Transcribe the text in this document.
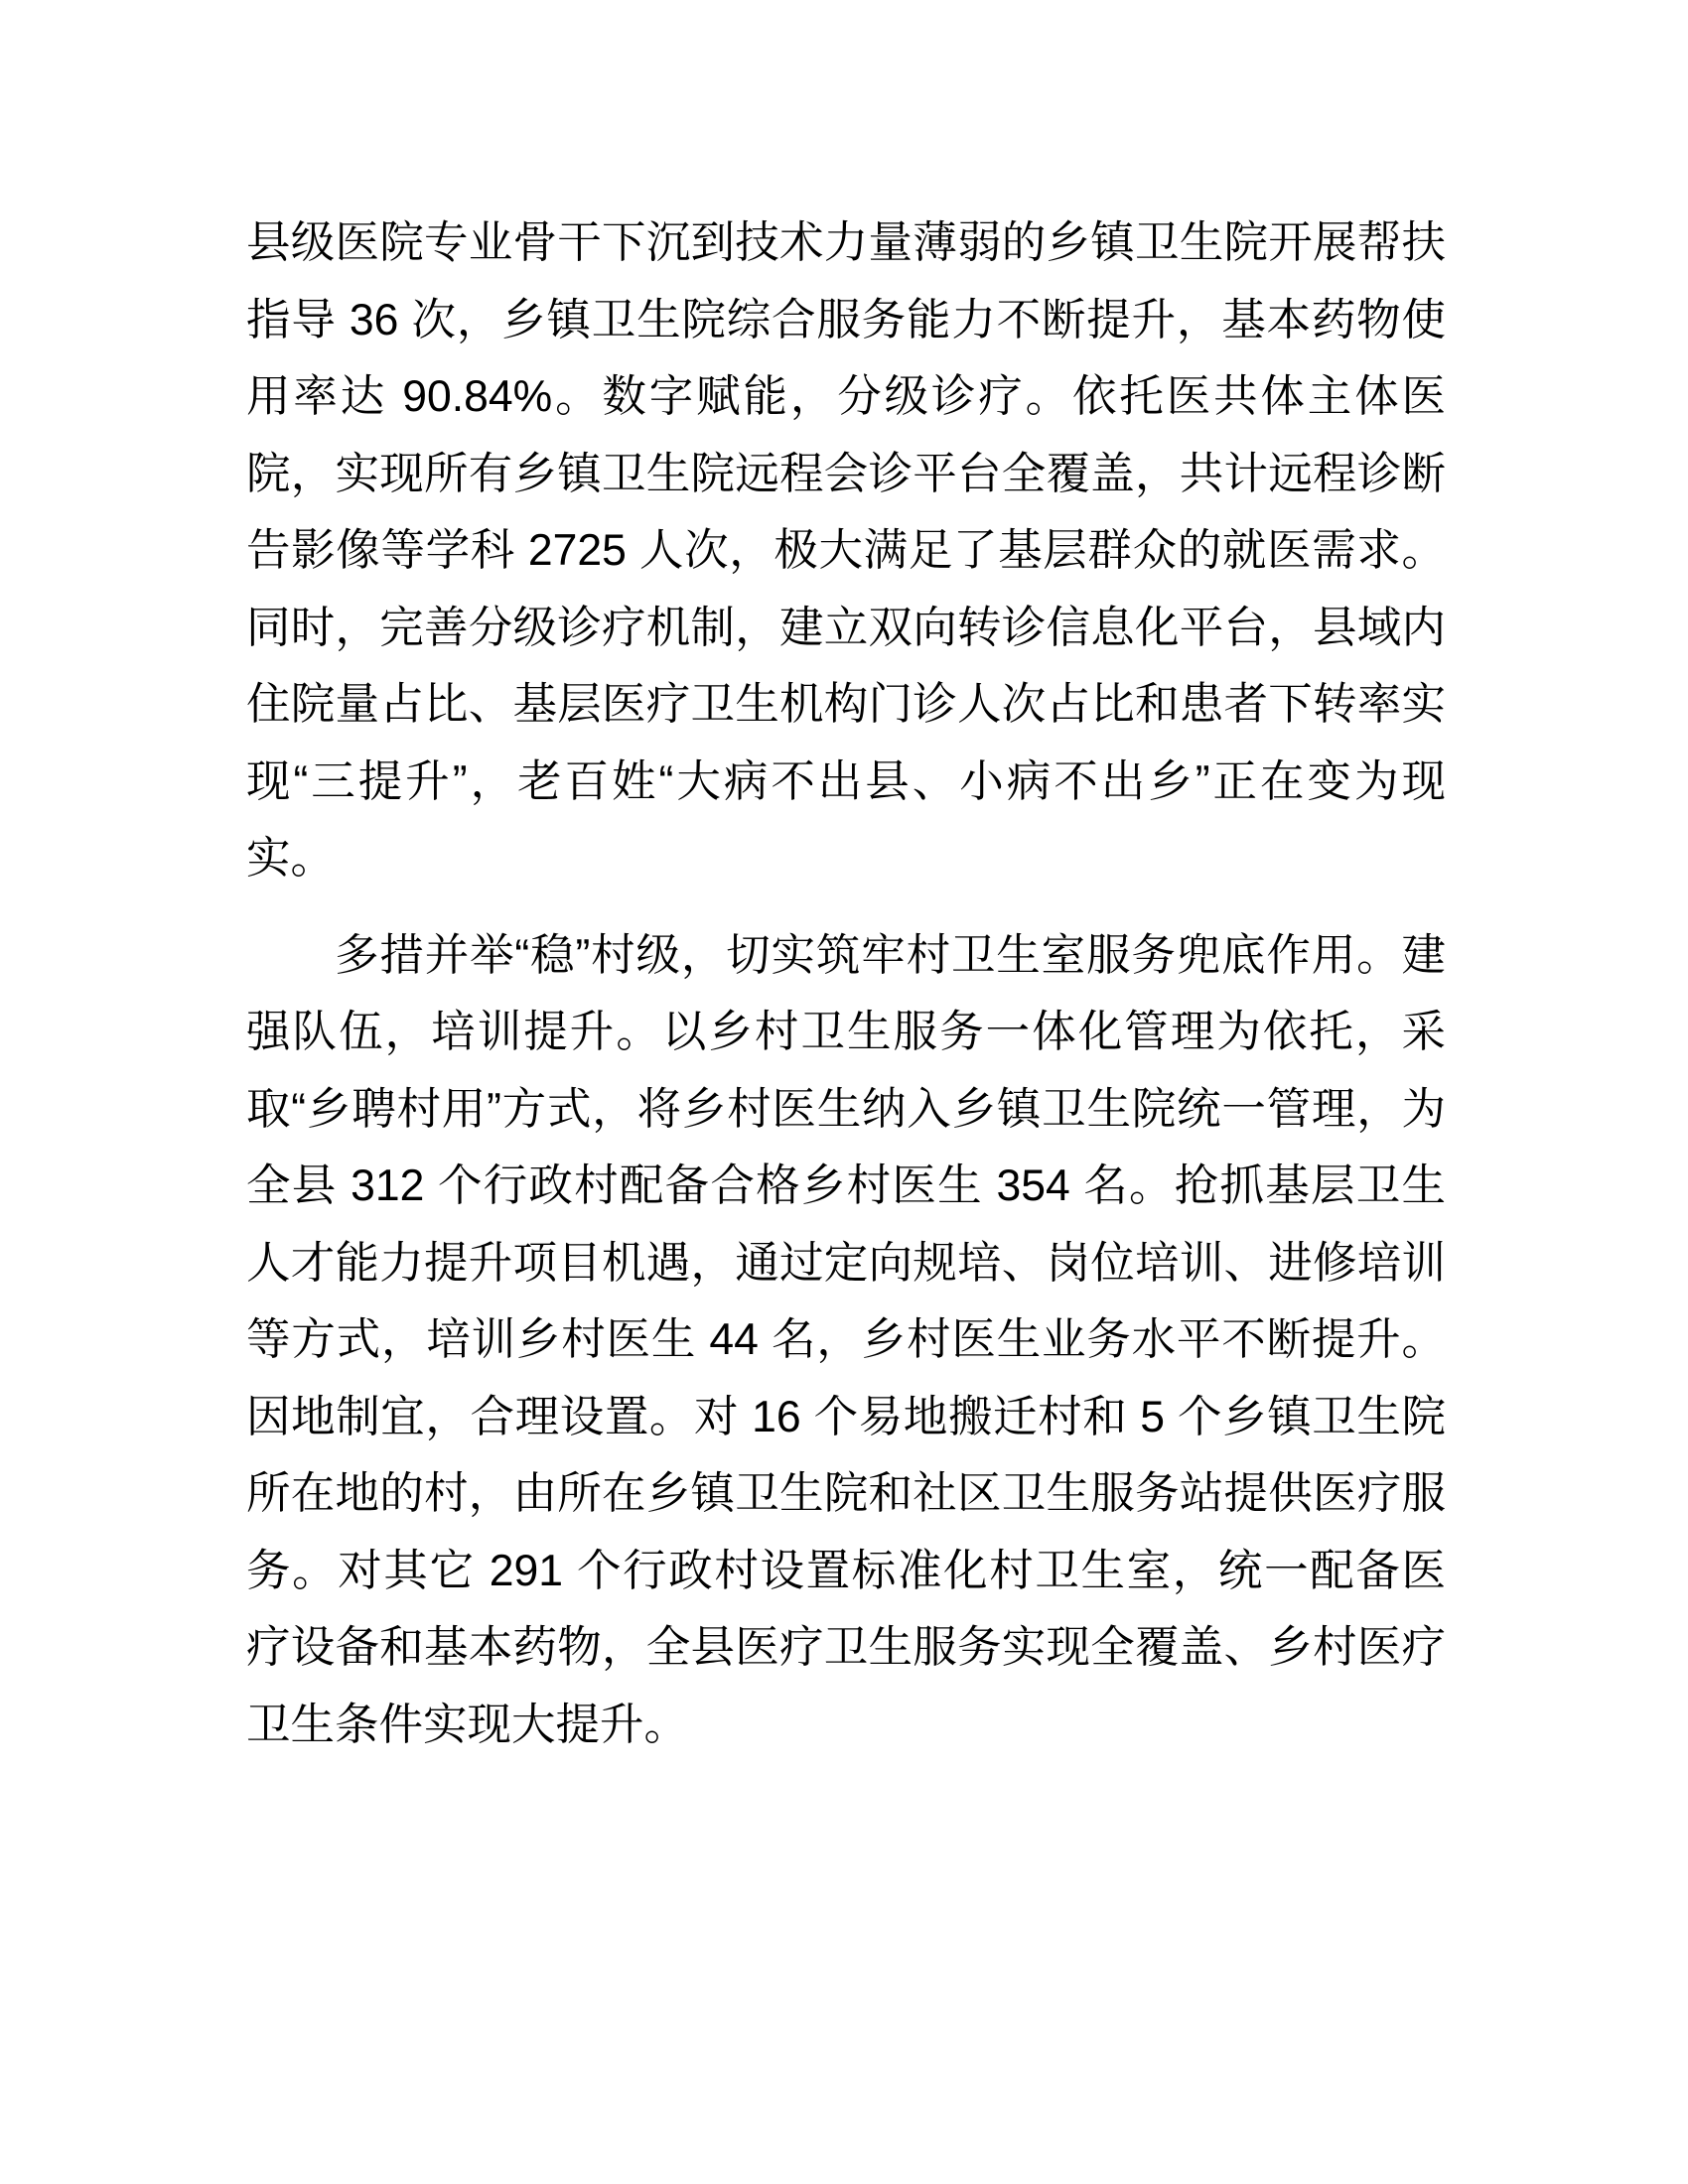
县级医院专业骨干下沉到技术力量薄弱的乡镇卫生院开展帮扶指导 36 次，乡镇卫生院综合服务能力不断提升，基本药物使用率达 90.84%。数字赋能，分级诊疗。依托医共体主体医院，实现所有乡镇卫生院远程会诊平台全覆盖，共计远程诊断告影像等学科 2725 人次，极大满足了基层群众的就医需求。同时，完善分级诊疗机制，建立双向转诊信息化平台，县域内住院量占比、基层医疗卫生机构门诊人次占比和患者下转率实现“三提升”，老百姓“大病不出县、小病不出乡”正在变为现实。

多措并举“稳”村级，切实筑牢村卫生室服务兜底作用。建强队伍，培训提升。以乡村卫生服务一体化管理为依托，采取“乡聘村用”方式，将乡村医生纳入乡镇卫生院统一管理，为全县 312 个行政村配备合格乡村医生 354 名。抢抓基层卫生人才能力提升项目机遇，通过定向规培、岗位培训、进修培训等方式，培训乡村医生 44 名，乡村医生业务水平不断提升。因地制宜，合理设置。对 16 个易地搬迁村和 5 个乡镇卫生院所在地的村，由所在乡镇卫生院和社区卫生服务站提供医疗服务。对其它 291 个行政村设置标准化村卫生室，统一配备医疗设备和基本药物，全县医疗卫生服务实现全覆盖、乡村医疗卫生条件实现大提升。
